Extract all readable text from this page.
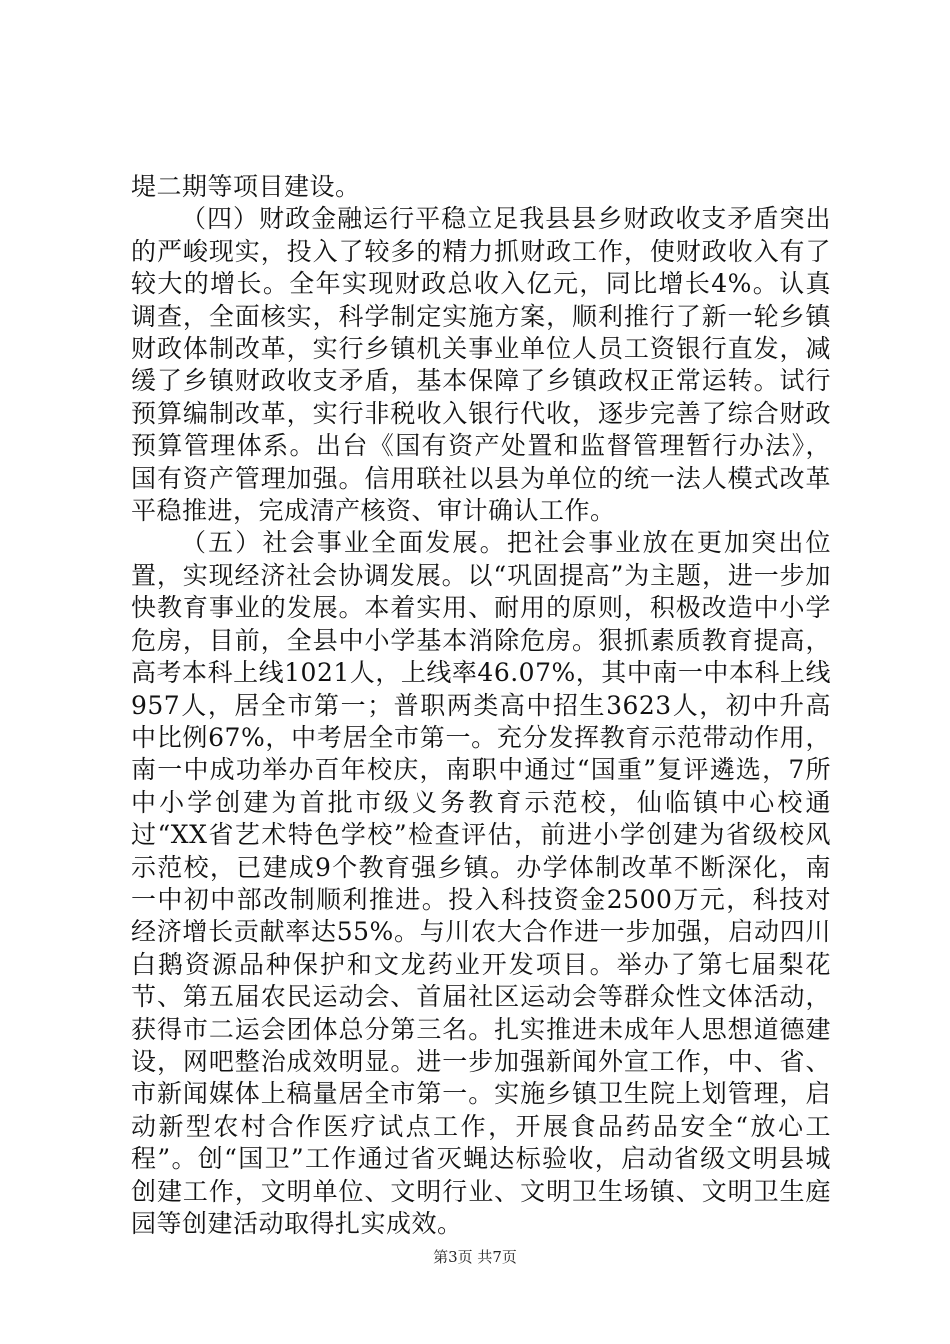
堤二期等项目建设。

（四）财政金融运行平稳立足我县县乡财政收支矛盾突出的严峻现实，投入了较多的精力抓财政工作，使财政收入有了较大的增长。全年实现财政总收入亿元，同比增长4%。认真调查，全面核实，科学制定实施方案，顺利推行了新一轮乡镇财政体制改革，实行乡镇机关事业单位人员工资银行直发，减缓了乡镇财政收支矛盾，基本保障了乡镇政权正常运转。试行预算编制改革，实行非税收入银行代收，逐步完善了综合财政预算管理体系。出台《国有资产处置和监督管理暂行办法》，国有资产管理加强。信用联社以县为单位的统一法人模式改革平稳推进，完成清产核资、审计确认工作。

（五）社会事业全面发展。把社会事业放在更加突出位置，实现经济社会协调发展。以“巩固提高”为主题，进一步加快教育事业的发展。本着实用、耐用的原则，积极改造中小学危房，目前，全县中小学基本消除危房。狠抓素质教育提高，高考本科上线1021人，上线率46.07%，其中南一中本科上线957人，居全市第一；普职两类高中招生3623人，初中升高中比例67%，中考居全市第一。充分发挥教育示范带动作用，南一中成功举办百年校庆，南职中通过“国重”复评遴选，7所中小学创建为首批市级义务教育示范校，仙临镇中心校通过“XX省艺术特色学校”检查评估，前进小学创建为省级校风示范校，已建成9个教育强乡镇。办学体制改革不断深化，南一中初中部改制顺利推进。投入科技资金2500万元，科技对经济增长贡献率达55%。与川农大合作进一步加强，启动四川白鹅资源品种保护和文龙药业开发项目。举办了第七届梨花节、第五届农民运动会、首届社区运动会等群众性文体活动，获得市二运会团体总分第三名。扎实推进未成年人思想道德建设，网吧整治成效明显。进一步加强新闻外宣工作，中、省、市新闻媒体上稿量居全市第一。实施乡镇卫生院上划管理，启动新型农村合作医疗试点工作，开展食品药品安全“放心工程”。创“国卫”工作通过省灭蝇达标验收，启动省级文明县城创建工作，文明单位、文明行业、文明卫生场镇、文明卫生庭园等创建活动取得扎实成效。

第3页 共7页
